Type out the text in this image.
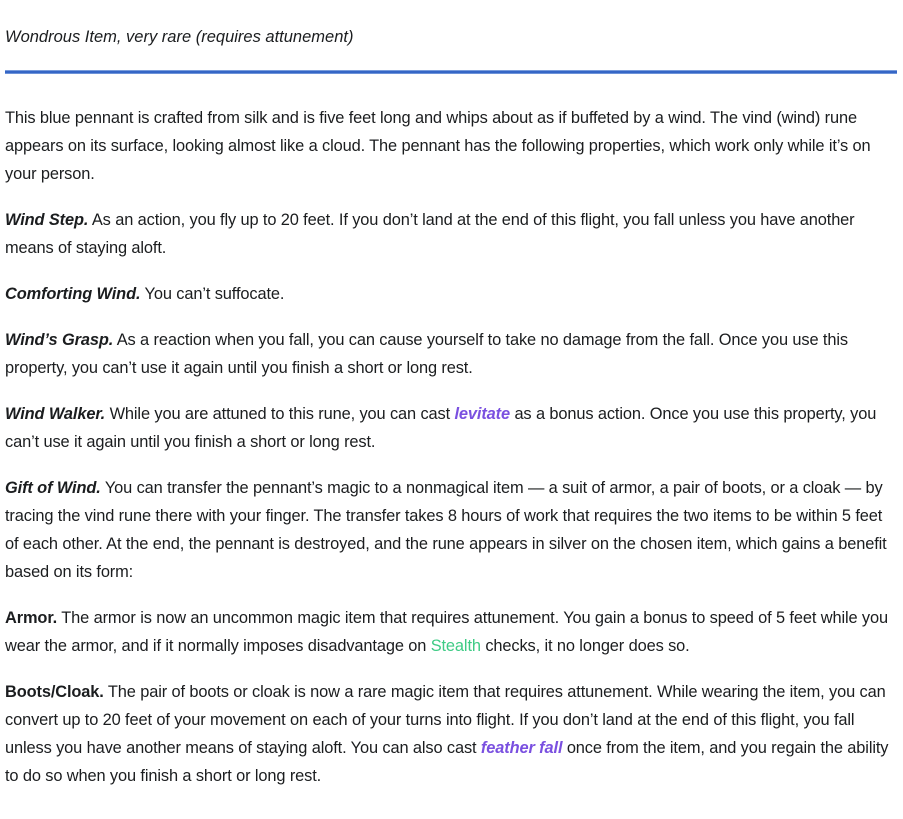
Wondrous Item, very rare (requires attunement)

This blue pennant is crafted from silk and is five feet long and whips about as if buffeted by a wind. The vind (wind) rune appears on its surface, looking almost like a cloud. The pennant has the following properties, which work only while it’s on your person.

Wind Step. As an action, you fly up to 20 feet. If you don’t land at the end of this flight, you fall unless you have another means of staying aloft.

Comforting Wind. You can’t suffocate.

Wind’s Grasp. As a reaction when you fall, you can cause yourself to take no damage from the fall. Once you use this property, you can’t use it again until you finish a short or long rest.

Wind Walker. While you are attuned to this rune, you can cast levitate as a bonus action. Once you use this property, you can’t use it again until you finish a short or long rest.

Gift of Wind. You can transfer the pennant’s magic to a nonmagical item — a suit of armor, a pair of boots, or a cloak — by tracing the vind rune there with your finger. The transfer takes 8 hours of work that requires the two items to be within 5 feet of each other. At the end, the pennant is destroyed, and the rune appears in silver on the chosen item, which gains a benefit based on its form:

Armor. The armor is now an uncommon magic item that requires attunement. You gain a bonus to speed of 5 feet while you wear the armor, and if it normally imposes disadvantage on Stealth checks, it no longer does so.

Boots/Cloak. The pair of boots or cloak is now a rare magic item that requires attunement. While wearing the item, you can convert up to 20 feet of your movement on each of your turns into flight. If you don’t land at the end of this flight, you fall unless you have another means of staying aloft. You can also cast feather fall once from the item, and you regain the ability to do so when you finish a short or long rest.
